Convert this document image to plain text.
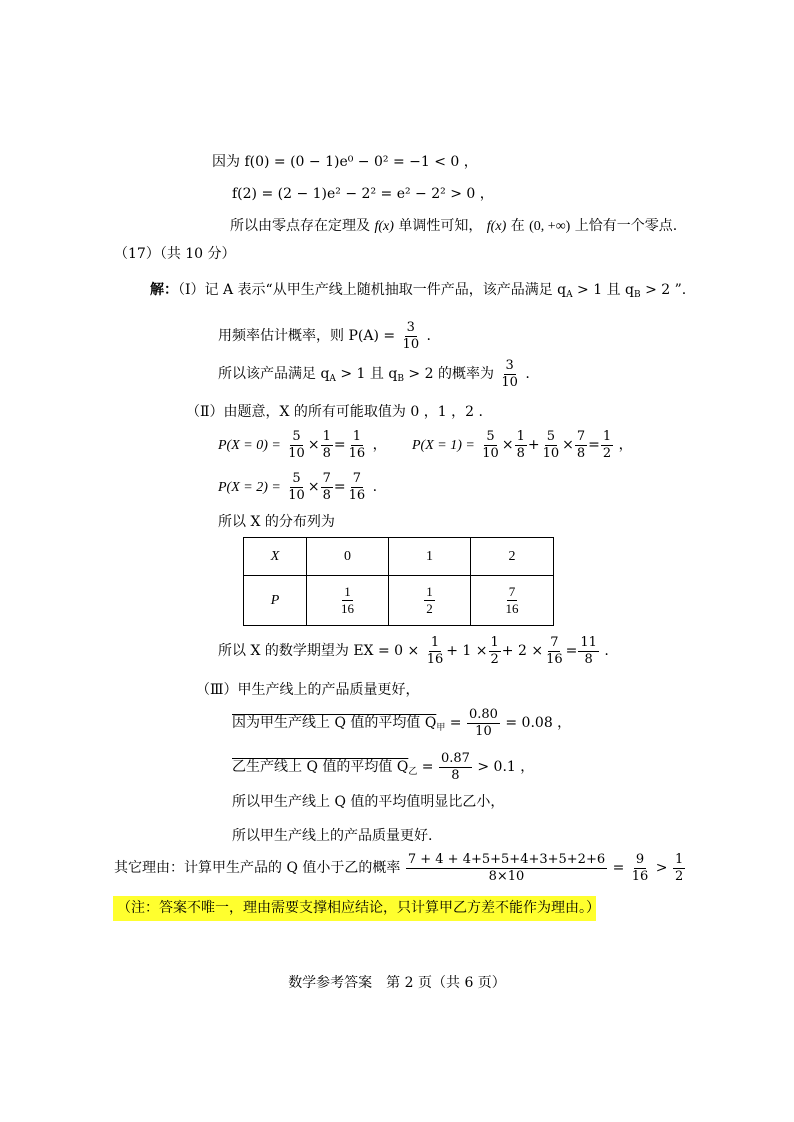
因为 f(0) = (0 − 1)e⁰ − 0² = −1 < 0 ，
f(2) = (2 − 1)e² − 2² = e² − 2² > 0 ，
所以由零点存在定理及 f(x) 单调性可知， f(x) 在 (0, +∞) 上恰有一个零点.
（17）（共 10 分）
解：（Ⅰ）记 A 表示“从甲生产线上随机抽取一件产品，该产品满足 $q_A > 1$ 且 $q_B > 2$ ”.
用频率估计概率，则 $P(A) = \frac{3}{10}$ .
所以该产品满足 $q_A > 1$ 且 $q_B > 2$ 的概率为 $\frac{3}{10}$ .
（Ⅱ）由题意，X 的所有可能取值为 0 ，1 ，2 .
$P(X = 0) = \frac{5}{10} \times \frac{1}{8} = \frac{1}{16}$ ， $P(X = 1) = \frac{5}{10} \times \frac{1}{8} + \frac{5}{10} \times \frac{7}{8} = \frac{1}{2}$ ，
$P(X = 2) = \frac{5}{10} \times \frac{7}{8} = \frac{7}{16}$ .
所以 X 的分布列为
X	0	1	2
P	$\frac{1}{16}$	$\frac{1}{2}$	$\frac{7}{16}$
所以 X 的数学期望为 EX = $0 \times \frac{1}{16} + 1 \times \frac{1}{2} + 2 \times \frac{7}{16} = \frac{11}{8}$ .
（Ⅲ）甲生产线上的产品质量更好，
因为甲生产线上 Q 值的平均值 $Q_甲 = \frac{0.80}{10} = 0.08$ ，
乙生产线上 Q 值的平均值 $Q_乙 = \frac{0.87}{8} > 0.1$ ，
所以甲生产线上 Q 值的平均值明显比乙小，
所以甲生产线上的产品质量更好.
其它理由：计算甲生产品的 Q 值小于乙的概率 $\frac{7 + 4 + 4+5+5+4+3+5+2+6}{8\times 10} = \frac{9}{16} > \frac{1}{2}$
（注：答案不唯一，理由需要支撑相应结论，只计算甲乙方差不能作为理由。）
数学参考答案　第 2 页（共 6 页）
